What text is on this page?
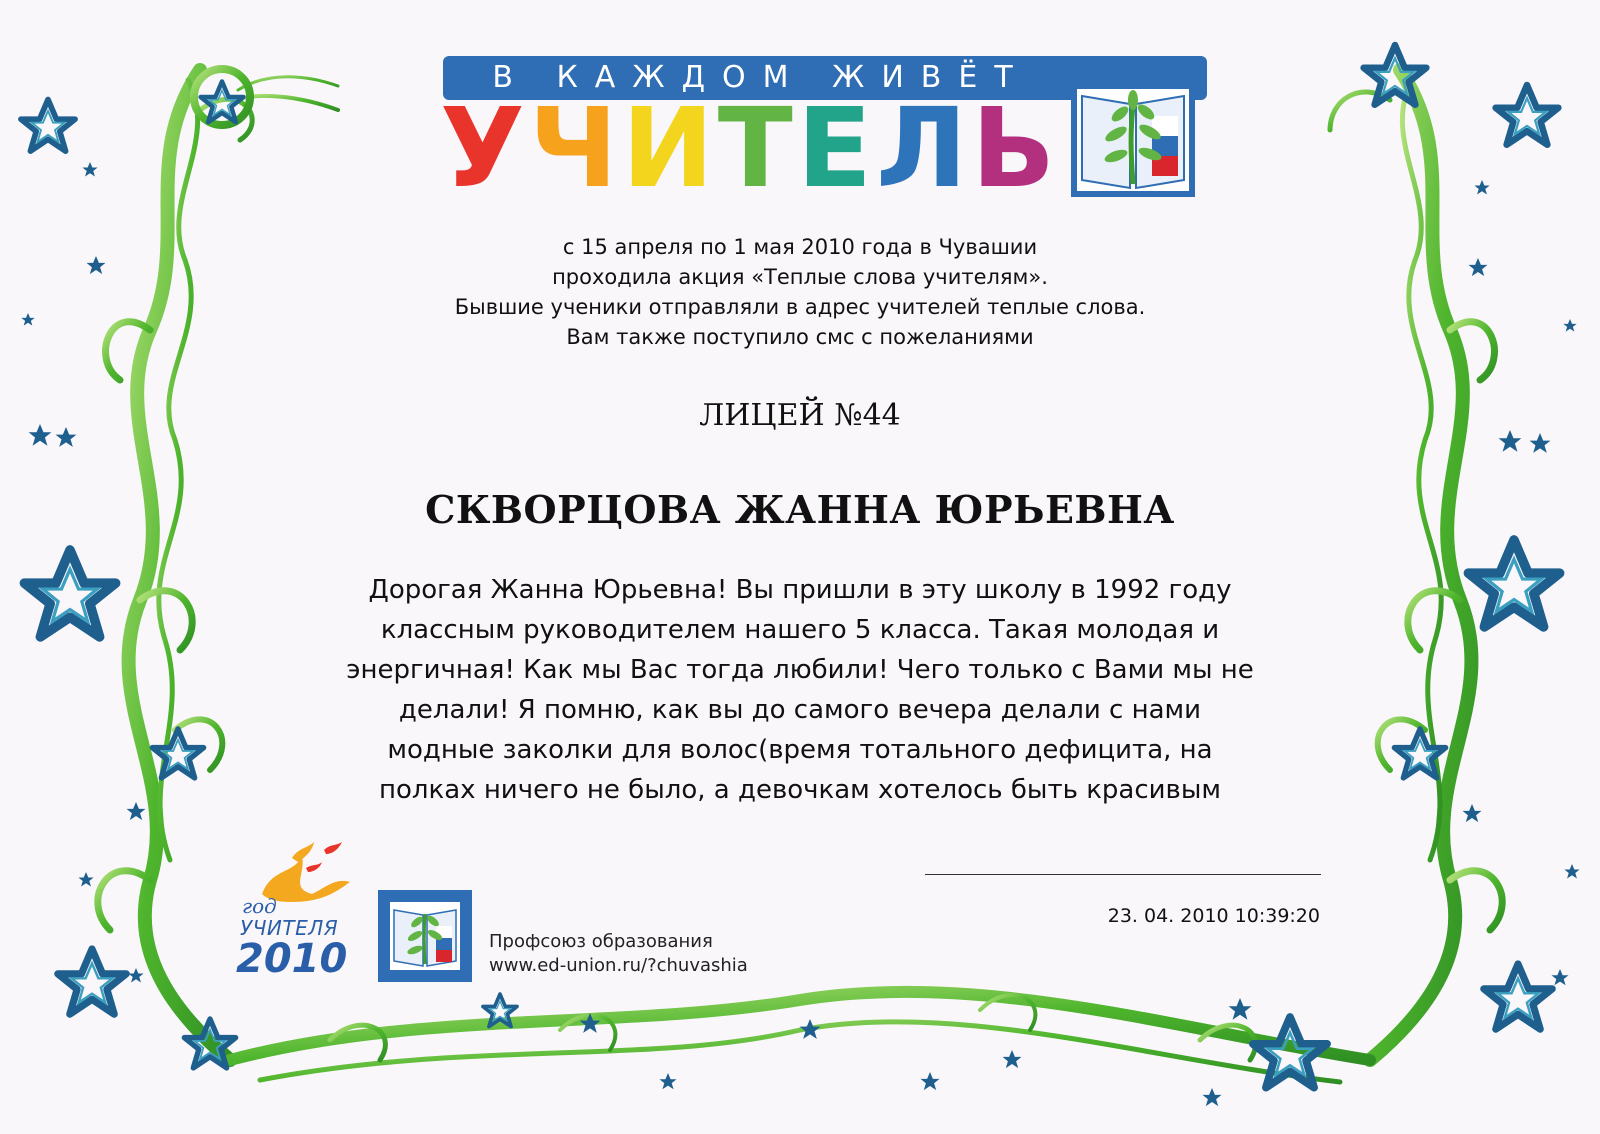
В КАЖДОМ ЖИВЁТ
УЧИТЕЛЬ
с 15 апреля по 1 мая 2010 года в Чувашии
проходила акция «Теплые слова учителям».
Бывшие ученики отправляли в адрес учителей теплые слова.
Вам также поступило смс с пожеланиями
ЛИЦЕЙ №44
СКВОРЦОВА ЖАННА ЮРЬЕВНА
Дорогая Жанна Юрьевна! Вы пришли в эту школу в 1992 году
классным руководителем нашего 5 класса. Такая молодая и
энергичная! Как мы Вас тогда любили! Чего только с Вами мы не
делали! Я помню, как вы до самого вечера делали с нами
модные заколки для волос(время тотального дефицита, на
полках ничего не было, а девочкам хотелось быть красивым
23. 04. 2010 10:39:20
год
УЧИТЕЛЯ
2010	Профсоюз образования
www.ed-union.ru/?chuvashia
